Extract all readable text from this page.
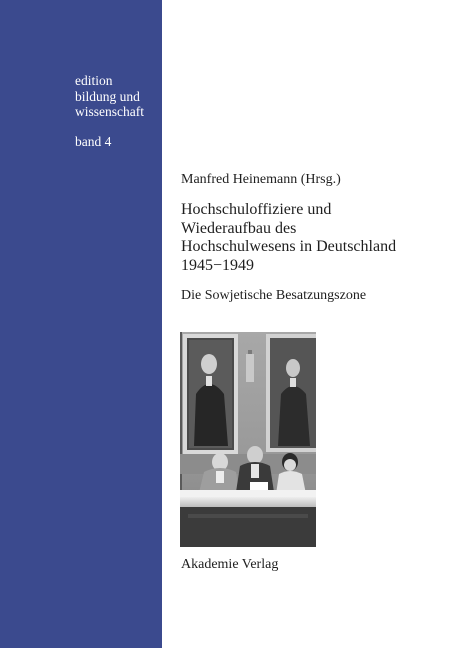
edition
bildung und
wissenschaft
band 4
Manfred Heinemann (Hrsg.)
Hochschuloffiziere und
Wiederaufbau des
Hochschulwesens in Deutschland
1945−1949
Die Sowjetische Besatzungszone
Akademie Verlag
